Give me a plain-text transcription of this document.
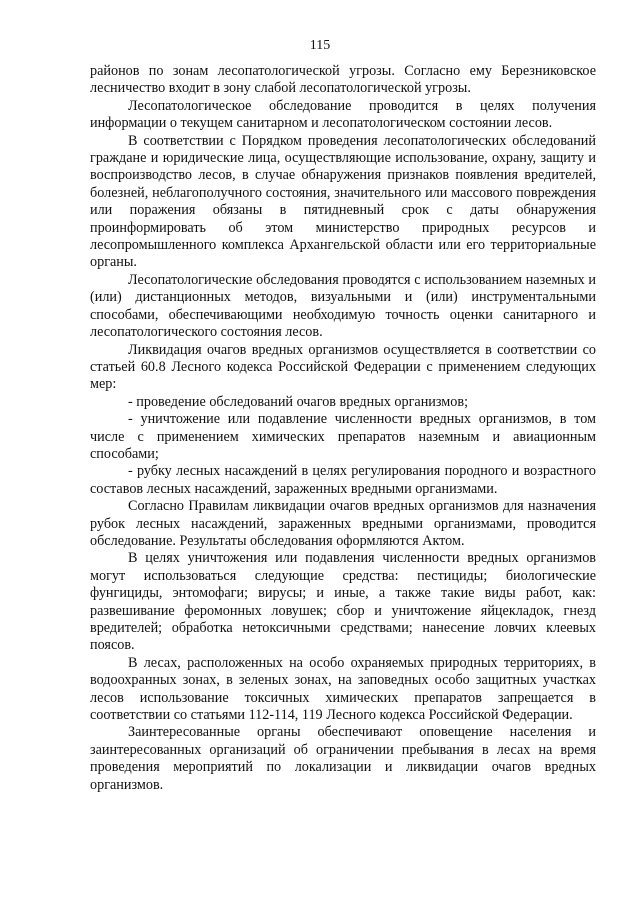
115

районов по зонам лесопатологической угрозы. Согласно ему Березниковское лесничество входит в зону слабой лесопатологической угрозы.

Лесопатологическое обследование проводится в целях получения информации о текущем санитарном и лесопатологическом состоянии лесов.

В соответствии с Порядком проведения лесопатологических обследований граждане и юридические лица, осуществляющие использование, охрану, защиту и воспроизводство лесов, в случае обнаружения признаков появления вредителей, болезней, неблагополучного состояния, значительного или массового повреждения или поражения обязаны в пятидневный срок с даты обнаружения проинформировать об этом министерство природных ресурсов и лесопромышленного комплекса Архангельской области или его территориальные органы.

Лесопатологические обследования проводятся с использованием наземных и (или) дистанционных методов, визуальными и (или) инструментальными способами, обеспечивающими необходимую точность оценки санитарного и лесопатологического состояния лесов.

Ликвидация очагов вредных организмов осуществляется в соответствии со статьей 60.8 Лесного кодекса Российской Федерации с применением следующих мер:

- проведение обследований очагов вредных организмов;

- уничтожение или подавление численности вредных организмов, в том числе с применением химических препаратов наземным и авиационным способами;

- рубку лесных насаждений в целях регулирования породного и возрастного составов лесных насаждений, зараженных вредными организмами.

Согласно Правилам ликвидации очагов вредных организмов для назначения рубок лесных насаждений, зараженных вредными организмами, проводится обследование. Результаты обследования оформляются Актом.

В целях уничтожения или подавления численности вредных организмов могут использоваться следующие средства: пестициды; биологические фунгициды, энтомофаги; вирусы; и иные, а также такие виды работ, как: развешивание феромонных ловушек; сбор и уничтожение яйцекладок, гнезд вредителей; обработка нетоксичными средствами; нанесение ловчих клеевых поясов.

В лесах, расположенных на особо охраняемых природных территориях, в водоохранных зонах, в зеленых зонах, на заповедных особо защитных участках лесов использование токсичных химических препаратов запрещается в соответствии со статьями 112-114, 119 Лесного кодекса Российской Федерации.

Заинтересованные органы обеспечивают оповещение населения и заинтересованных организаций об ограничении пребывания в лесах на время проведения мероприятий по локализации и ликвидации очагов вредных организмов.
